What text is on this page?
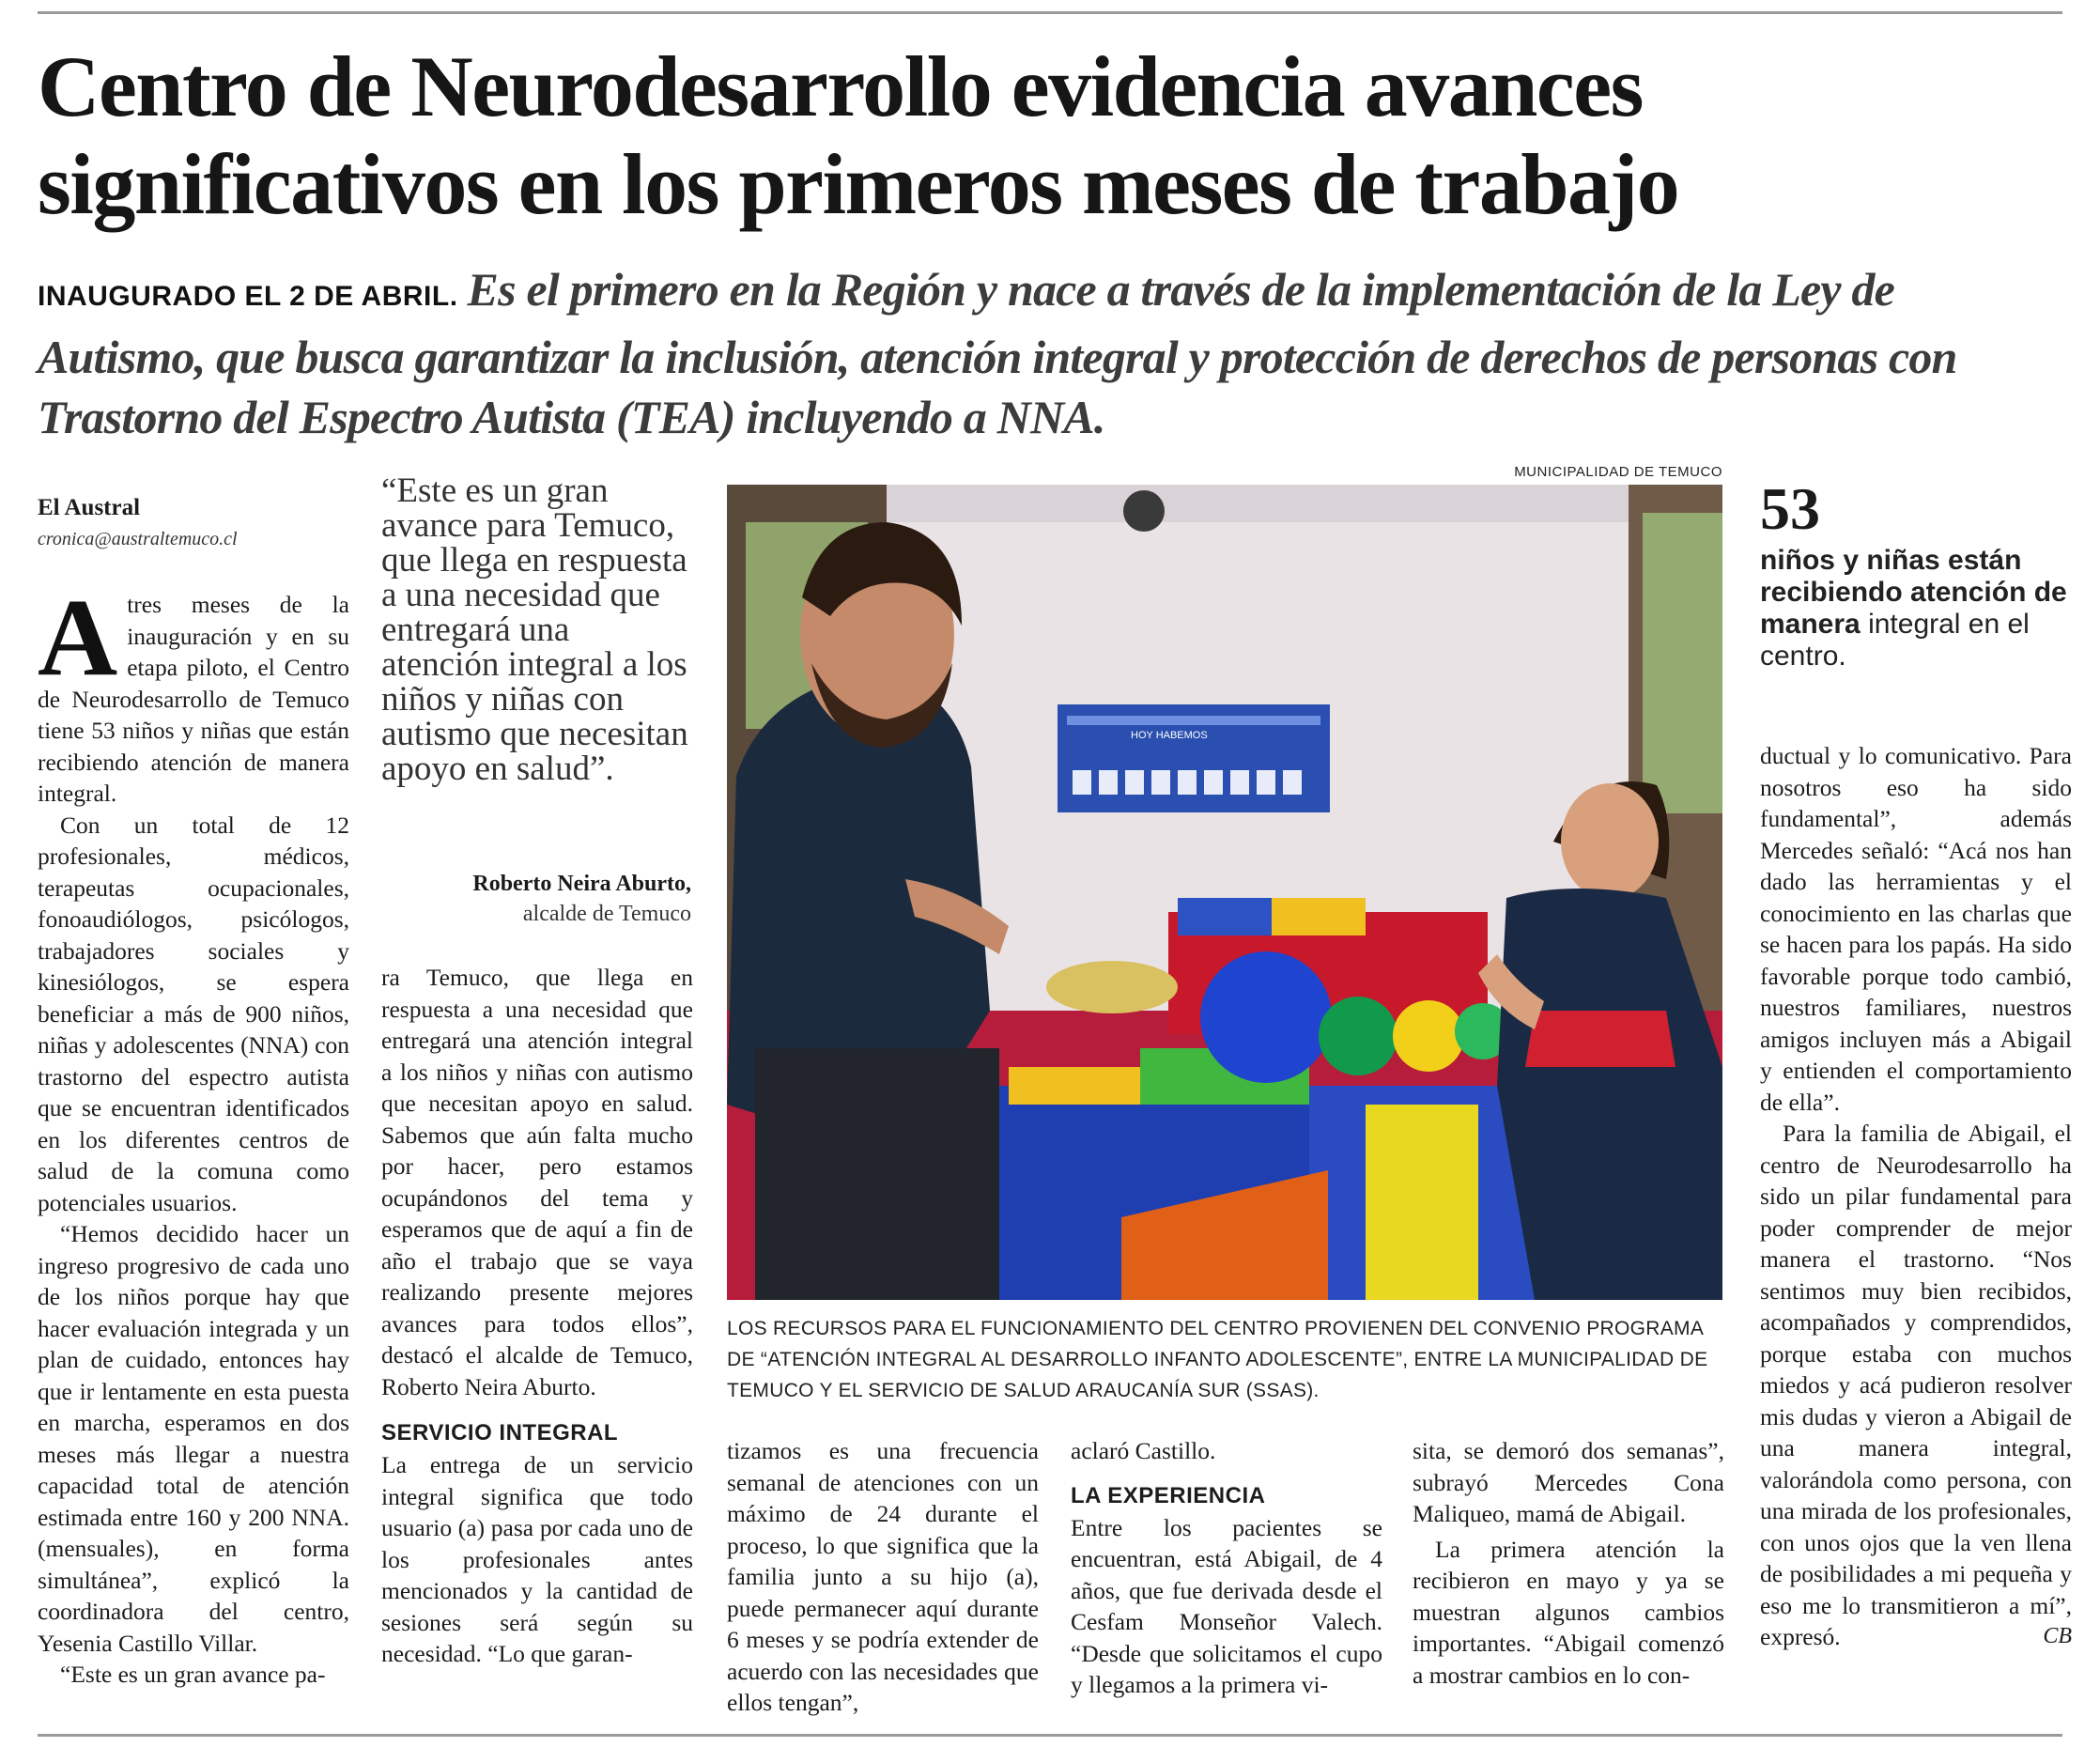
Centro de Neurodesarrollo evidencia avances significativos en los primeros meses de trabajo
INAUGURADO EL 2 DE ABRIL. Es el primero en la Región y nace a través de la implementación de la Ley de Autismo, que busca garantizar la inclusión, atención integral y protección de derechos de personas con Trastorno del Espectro Autista (TEA) incluyendo a NNA.
El Austral
cronica@australtemuco.cl

Atres meses de la inauguración y en su etapa piloto, el Centro de Neurodesarrollo de Temuco tiene 53 niños y niñas que están recibiendo atención de manera integral.

Con un total de 12 profesionales, médicos, terapeutas ocupacionales, fonoaudiólogos, psicólogos, trabajadores sociales y kinesiólogos, se espera beneficiar a más de 900 niños, niñas y adolescentes (NNA) con trastorno del espectro autista que se encuentran identificados en los diferentes centros de salud de la comuna como potenciales usuarios.

“Hemos decidido hacer un ingreso progresivo de cada uno de los niños porque hay que hacer evaluación integrada y un plan de cuidado, entonces hay que ir lentamente en esta puesta en marcha, esperamos en dos meses más llegar a nuestra capacidad total de atención estimada entre 160 y 200 NNA. (mensuales), en forma simultánea”, explicó la coordinadora del centro, Yesenia Castillo Villar.

“Este es un gran avance pa-

“Este es un gran avance para Temuco, que llega en respuesta a una necesidad que entregará una atención integral a los niños y niñas con autismo que necesitan apoyo en salud”.
Roberto Neira Aburto,
alcalde de Temuco

ra Temuco, que llega en respuesta a una necesidad que entregará una atención integral a los niños y niñas con autismo que necesitan apoyo en salud. Sabemos que aún falta mucho por hacer, pero estamos ocupándonos del tema y esperamos que de aquí a fin de año el trabajo que se vaya realizando presente mejores avances para todos ellos”, destacó el alcalde de Temuco, Roberto Neira Aburto.

SERVICIO INTEGRAL

La entrega de un servicio integral significa que todo usuario (a) pasa por cada uno de los profesionales antes mencionados y la cantidad de sesiones será según su necesidad. “Lo que garan-

MUNICIPALIDAD DE TEMUCO
HOY HABEMOS
LOS RECURSOS PARA EL FUNCIONAMIENTO DEL CENTRO PROVIENEN DEL CONVENIO PROGRAMA DE “ATENCIÓN INTEGRAL AL DESARROLLO INFANTO ADOLESCENTE”, ENTRE LA MUNICIPALIDAD DE TEMUCO Y EL SERVICIO DE SALUD ARAUCANÍA SUR (SSAS).

tizamos es una frecuencia semanal de atenciones con un máximo de 24 durante el proceso, lo que significa que la familia junto a su hijo (a), puede permanecer aquí durante 6 meses y se podría extender de acuerdo con las necesidades que ellos tengan”,

aclaró Castillo.

LA EXPERIENCIA

Entre los pacientes se encuentran, está Abigail, de 4 años, que fue derivada desde el Cesfam Monseñor Valech. “Desde que solicitamos el cupo y llegamos a la primera vi-

sita, se demoró dos semanas”, subrayó Mercedes Cona Maliqueo, mamá de Abigail.

La primera atención la recibieron en mayo y ya se muestran algunos cambios importantes. “Abigail comenzó a mostrar cambios en lo con-

53
niños y niñas están recibiendo atención de manera integral en el centro.

ductual y lo comunicativo. Para nosotros eso ha sido fundamental”, además Mercedes señaló: “Acá nos han dado las herramientas y el conocimiento en las charlas que se hacen para los papás. Ha sido favorable porque todo cambió, nuestros familiares, nuestros amigos incluyen más a Abigail y entienden el comportamiento de ella”.

Para la familia de Abigail, el centro de Neurodesarrollo ha sido un pilar fundamental para poder comprender de mejor manera el trastorno. “Nos sentimos muy bien recibidos, acompañados y comprendidos, porque estaba con muchos miedos y acá pudieron resolver mis dudas y vieron a Abigail de una manera integral, valorándola como persona, con una mirada de los profesionales, con unos ojos que la ven llena de posibilidades a mi pequeña y eso me lo transmitieron a mí”, expresó.	CB
